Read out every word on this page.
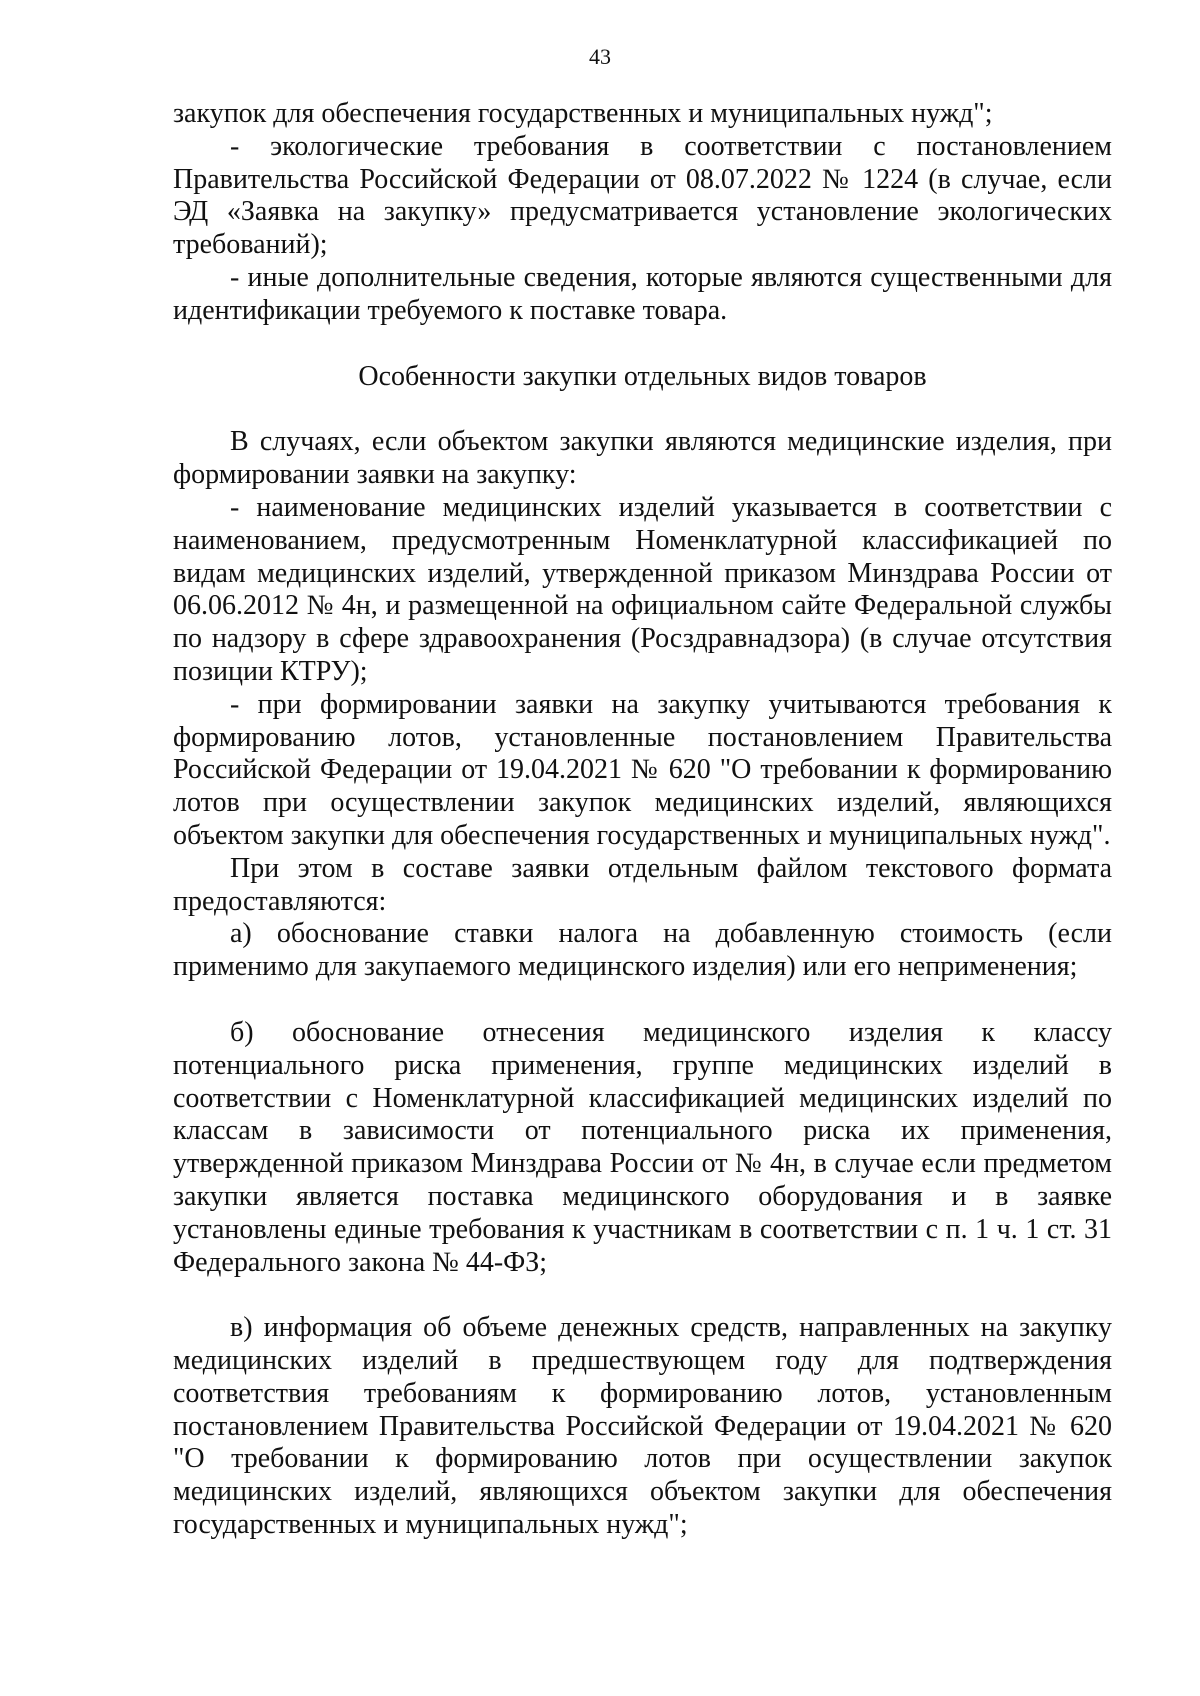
43

закупок для обеспечения государственных и муниципальных нужд";

- экологические требования в соответствии с постановлением Правительства Российской Федерации от 08.07.2022 № 1224 (в случае, если ЭД «Заявка на закупку» предусматривается установление экологических требований);

- иные дополнительные сведения, которые являются существенными для идентификации требуемого к поставке товара.

Особенности закупки отдельных видов товаров

В случаях, если объектом закупки являются медицинские изделия, при формировании заявки на закупку:

- наименование медицинских изделий указывается в соответствии с наименованием, предусмотренным Номенклатурной классификацией по видам медицинских изделий, утвержденной приказом Минздрава России от 06.06.2012 № 4н, и размещенной на официальном сайте Федеральной службы по надзору в сфере здравоохранения (Росздравнадзора) (в случае отсутствия позиции КТРУ);

- при формировании заявки на закупку учитываются требования к формированию лотов, установленные постановлением Правительства Российской Федерации от 19.04.2021 № 620 "О требовании к формированию лотов при осуществлении закупок медицинских изделий, являющихся объектом закупки для обеспечения государственных и муниципальных нужд".

При этом в составе заявки отдельным файлом текстового формата предоставляются:

а) обоснование ставки налога на добавленную стоимость (если применимо для закупаемого медицинского изделия) или его неприменения;

б) обоснование отнесения медицинского изделия к классу потенциального риска применения, группе медицинских изделий в соответствии с Номенклатурной классификацией медицинских изделий по классам в зависимости от потенциального риска их применения, утвержденной приказом Минздрава России от № 4н, в случае если предметом закупки является поставка медицинского оборудования и в заявке установлены единые требования к участникам в соответствии с п. 1 ч. 1 ст. 31 Федерального закона № 44-ФЗ;

в) информация об объеме денежных средств, направленных на закупку медицинских изделий в предшествующем году для подтверждения соответствия требованиям к формированию лотов, установленным постановлением Правительства Российской Федерации от 19.04.2021 № 620 "О требовании к формированию лотов при осуществлении закупок медицинских изделий, являющихся объектом закупки для обеспечения государственных и муниципальных нужд";
